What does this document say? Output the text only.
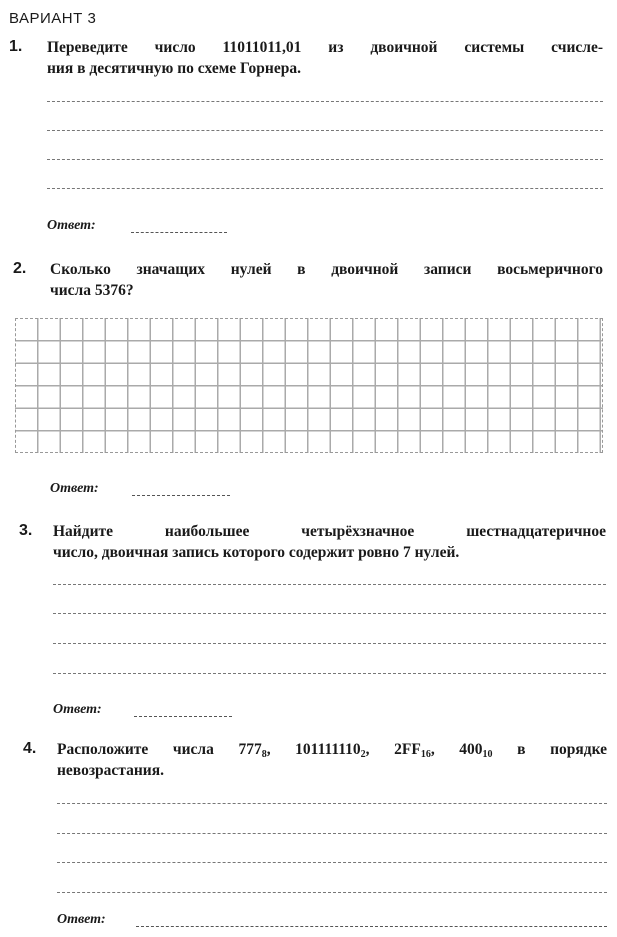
ВАРИАНТ 3
1. Переведите число 11011011,01 из двоичной системы счисле-
ния в десятичную по схеме Горнера.
Ответ:
2. Сколько значащих нулей в двоичной записи восьмеричного
числа 5376?
Ответ:
3. Найдите наибольшее четырёхзначное шестнадцатеричное
число, двоичная запись которого содержит ровно 7 нулей.
Ответ:
4. Расположите числа $777_8$, $101111110_2$, $2FF_{16}$, $400_{10}$ в порядке
невозрастания.
Ответ:
